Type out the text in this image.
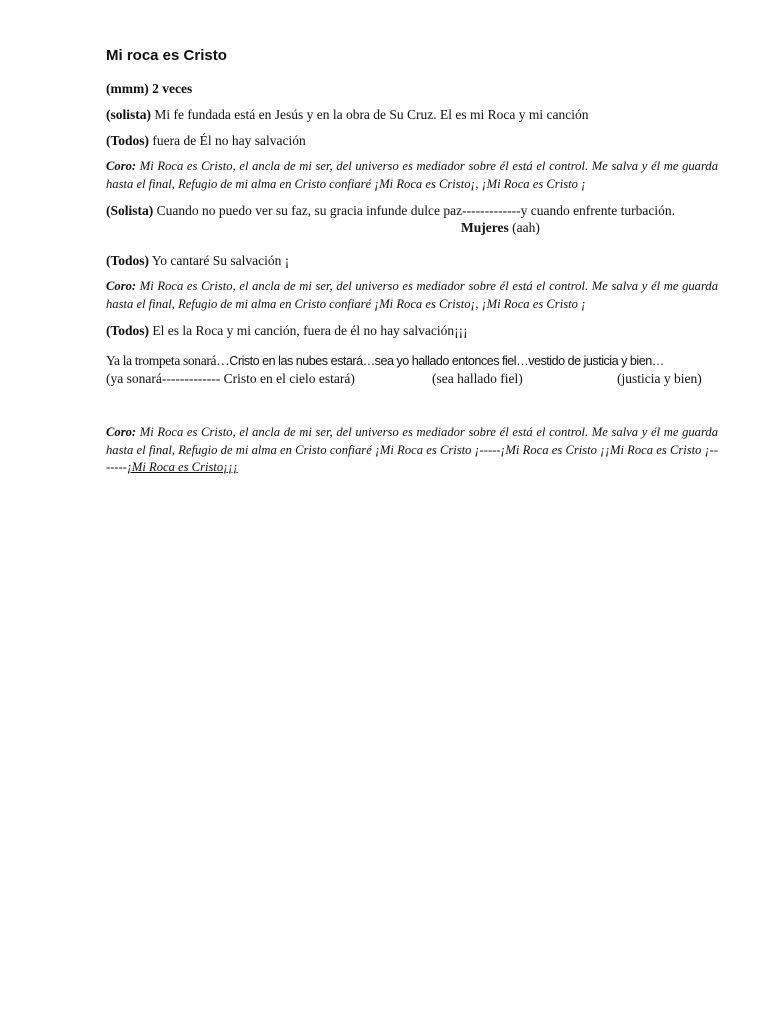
Mi roca es Cristo
(mmm) 2 veces
(solista) Mi fe fundada está en Jesús y en la obra de Su Cruz. El es mi Roca y mi canción
(Todos) fuera de Él no hay salvación
Coro: Mi Roca es Cristo, el ancla de mi ser, del universo es mediador sobre él está el control. Me salva y él me guarda hasta el final, Refugio de mi alma en Cristo confiaré ¡Mi Roca es Cristo¡, ¡Mi Roca es Cristo ¡
(Solista) Cuando no puedo ver su faz, su gracia infunde dulce paz-------------y cuando enfrente turbación.
Mujeres (aah)
(Todos) Yo cantaré Su salvación ¡
Coro: Mi Roca es Cristo, el ancla de mi ser, del universo es mediador sobre él está el control. Me salva y él me guarda hasta el final, Refugio de mi alma en Cristo confiaré ¡Mi Roca es Cristo¡, ¡Mi Roca es Cristo ¡
(Todos) El es la Roca y mi canción, fuera de él no hay salvación¡¡¡
Ya la trompeta sonará…Cristo en las nubes estará…sea yo hallado entonces fiel…vestido de justicia y bien…
(ya sonará------------- Cristo en el cielo estará)	(sea hallado fiel)	(justicia y bien)
Coro: Mi Roca es Cristo, el ancla de mi ser, del universo es mediador sobre él está el control. Me salva y él me guarda hasta el final, Refugio de mi alma en Cristo confiaré ¡Mi Roca es Cristo ¡-----¡Mi Roca es Cristo ¡¡Mi Roca es Cristo ¡-------¡Mi Roca es Cristo¡¡¡
